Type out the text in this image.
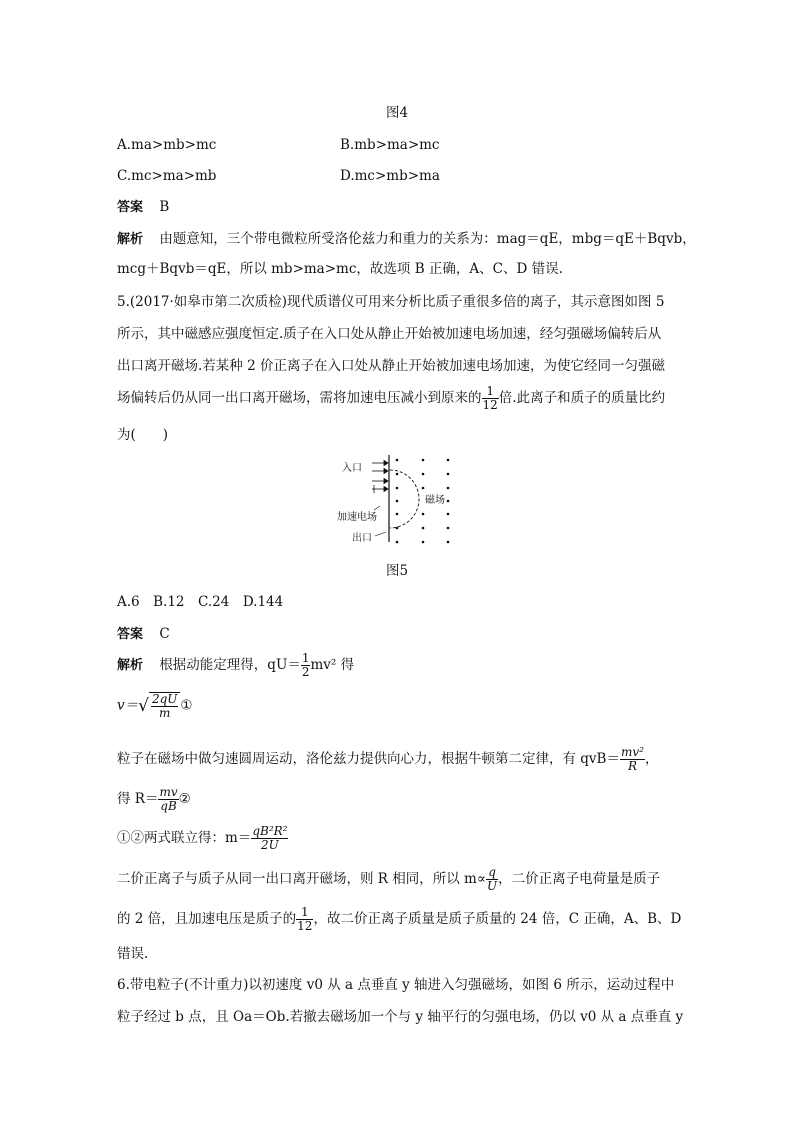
图4
A.ma>mb>mc	B.mb>ma>mc
C.mc>ma>mb	D.mc>mb>ma
答案 B
解析 由题意知，三个带电微粒所受洛伦兹力和重力的关系为：mag＝qE，mbg＝qE＋Bqvb，
mcg＋Bqvb＝qE，所以 mb>ma>mc，故选项 B 正确，A、C、D 错误.
5.(2017·如皋市第二次质检)现代质谱仪可用来分析比质子重很多倍的离子，其示意图如图 5
所示，其中磁感应强度恒定.质子在入口处从静止开始被加速电场加速，经匀强磁场偏转后从
出口离开磁场.若某种 2 价正离子在入口处从静止开始被加速电场加速，为使它经同一匀强磁
场偏转后仍从同一出口离开磁场，需将加速电压减小到原来的 $\frac{1}{12}$ 倍.此离子和质子的质量比约
为(　　)
入口
加速电场
出口
磁场
图5
A.6　B.12　C.24　D.144
答案 C
解析 根据动能定理得，$qU= \frac{1}{2} mv^2$ 得
$v=√ \frac{2qU}{m}$ ①
粒子在磁场中做匀速圆周运动，洛伦兹力提供向心力，根据牛顿第二定律，有 $qvB= \frac{\text{mv²}}{R}$ ，
得 $R= \frac{mv}{qB}$ ②
①②两式联立得：$m= \frac{\text{qB²R²}}{2U}$
二价正离子与质子从同一出口离开磁场，则 R 相同，所以 $m\propto \frac{q}{U}$ ，二价正离子电荷量是质子
的 2 倍，且加速电压是质子的 $\frac{1}{12}$ ，故二价正离子质量是质子质量的 24 倍，C 正确，A、B、D
错误.
6.带电粒子(不计重力)以初速度 v0 从 a 点垂直 y 轴进入匀强磁场，如图 6 所示，运动过程中
粒子经过 b 点，且 Oa＝Ob.若撤去磁场加一个与 y 轴平行的匀强电场，仍以 v0 从 a 点垂直 y
